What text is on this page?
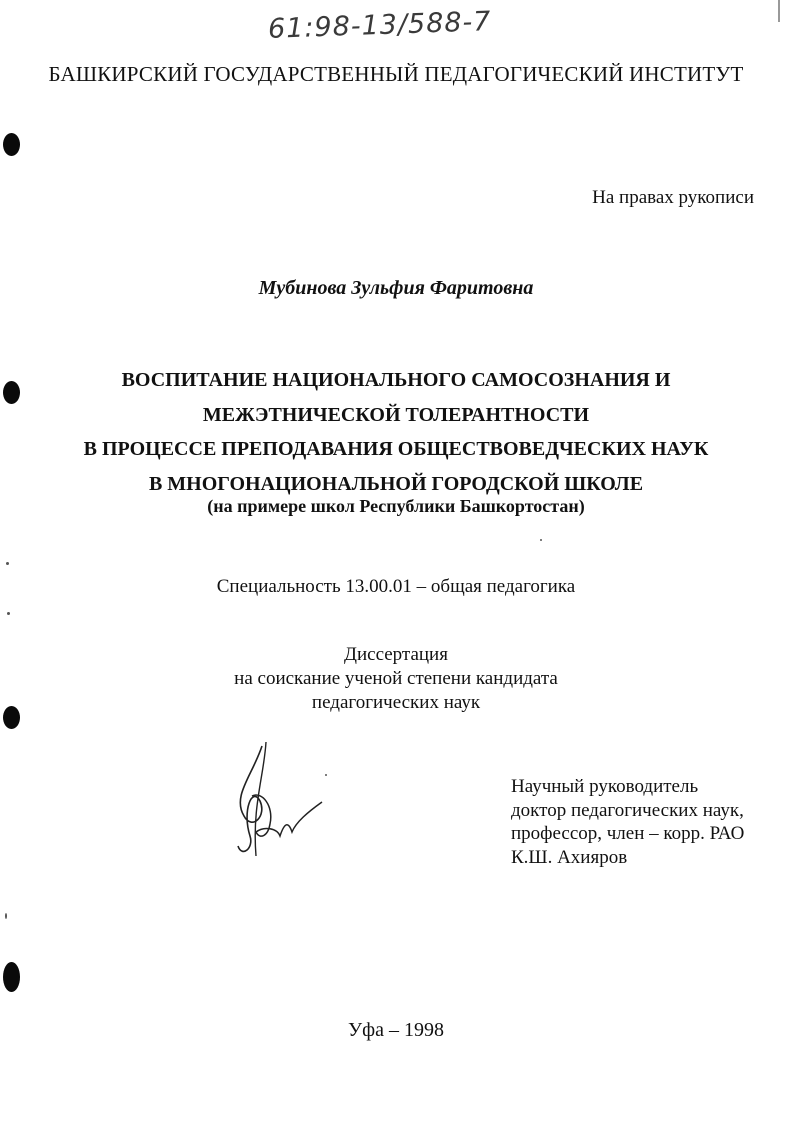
61:98-13/588-7
БАШКИРСКИЙ ГОСУДАРСТВЕННЫЙ ПЕДАГОГИЧЕСКИЙ ИНСТИТУТ
На правах рукописи
Мубинова Зульфия Фаритовна
ВОСПИТАНИЕ НАЦИОНАЛЬНОГО САМОСОЗНАНИЯ И
МЕЖЭТНИЧЕСКОЙ ТОЛЕРАНТНОСТИ
В ПРОЦЕССЕ ПРЕПОДАВАНИЯ ОБЩЕСТВОВЕДЧЕСКИХ НАУК
В МНОГОНАЦИОНАЛЬНОЙ ГОРОДСКОЙ ШКОЛЕ
(на примере школ Республики Башкортостан)
Специальность 13.00.01 – общая педагогика
Диссертация
на соискание ученой степени кандидата
педагогических наук
Научный руководитель
доктор педагогических наук,
профессор, член – корр. РАО
К.Ш. Ахияров
Уфа – 1998
